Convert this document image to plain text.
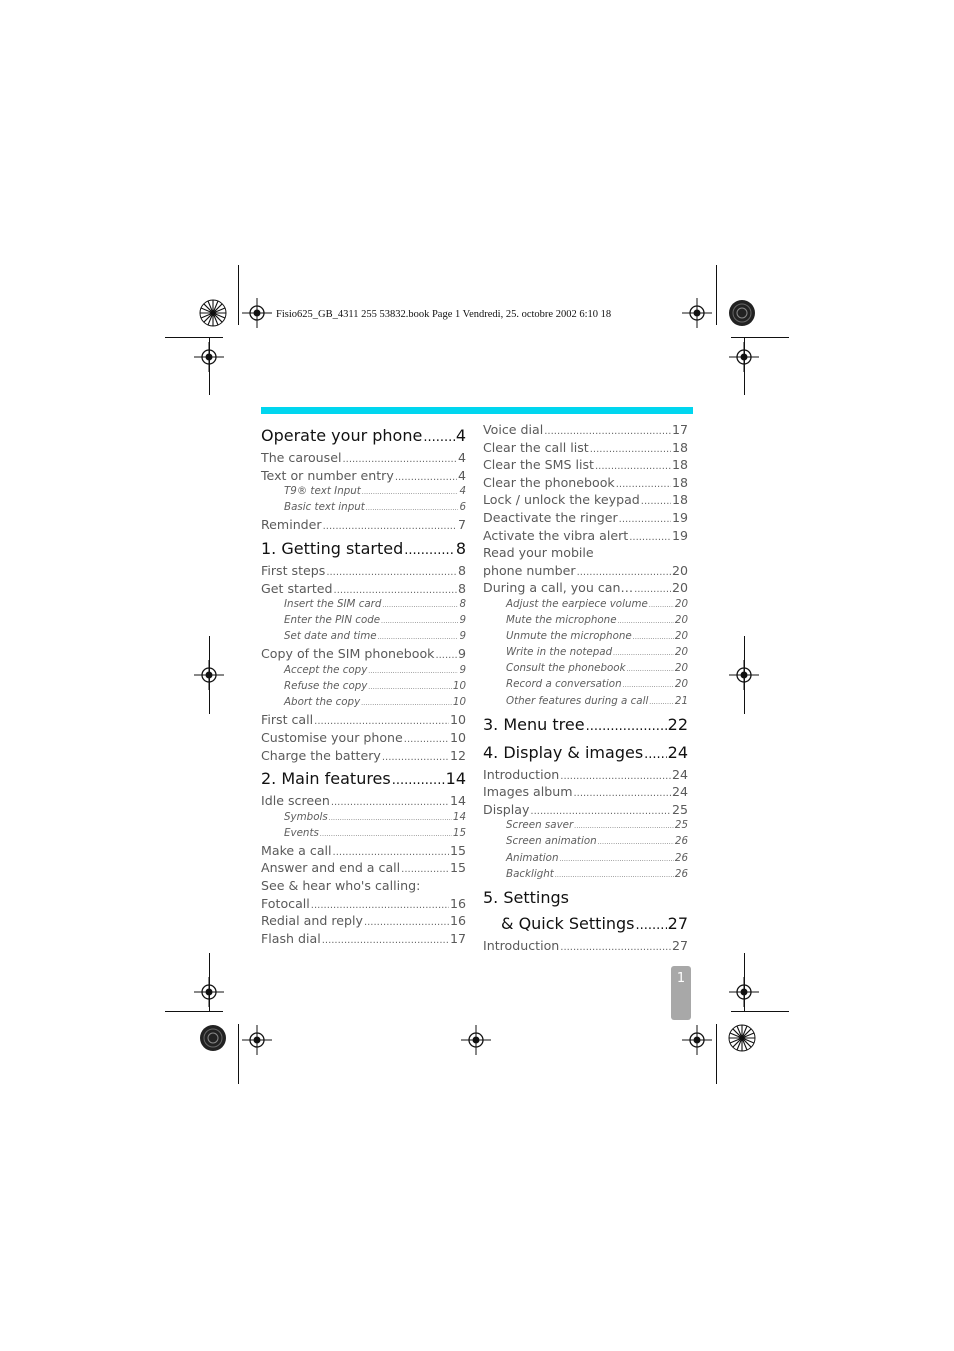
Fisio625_GB_4311 255 53832.book Page 1 Vendredi, 25. octobre 2002 6:10 18
Operate your phone ..... 4
The carousel .....	4
Text or number entry .....	4
T9® text Input .....	4
Basic text input .....	6
Reminder .....	7
1. Getting started .....	8
First steps .....	8
Get started .....	8
Insert the SIM card .....	8
Enter the PIN code .....	9
Set date and time .....	9
Copy of the SIM phonebook ..... 9
Accept the copy .....	9
Refuse the copy .....	10
Abort the copy .....	10
First call .....	10
Customise your phone .....	10
Charge the battery .....	12
2. Main features .....	14
Idle screen .....	14
Symbols .....	14
Events .....	15
Make a call .....	15
Answer and end a call .....	15
See & hear who's calling:
Fotocall .....	16
Redial and reply .....	16
Flash dial .....	17
Voice dial .....	17
Clear the call list .....	18
Clear the SMS list .....	18
Clear the phonebook .....	18
Lock / unlock the keypad .....	18
Deactivate the ringer .....	19
Activate the vibra alert .....	19
Read your mobile
phone number .....	20
During a call, you can… .....	20
Adjust the earpiece volume .....	20
Mute the microphone .....	20
Unmute the microphone .....	20
Write in the notepad .....	20
Consult the phonebook .....	20
Record a conversation .....	20
Other features during a call .....	21
3. Menu tree .....	22
4. Display & images ..... 24
Introduction .....	24
Images album .....	24
Display .....	25
Screen saver .....	25
Screen animation .....	26
Animation .....	26
Backlight .....	26
5. Settings
& Quick Settings ..... 27
Introduction .....	27
1
